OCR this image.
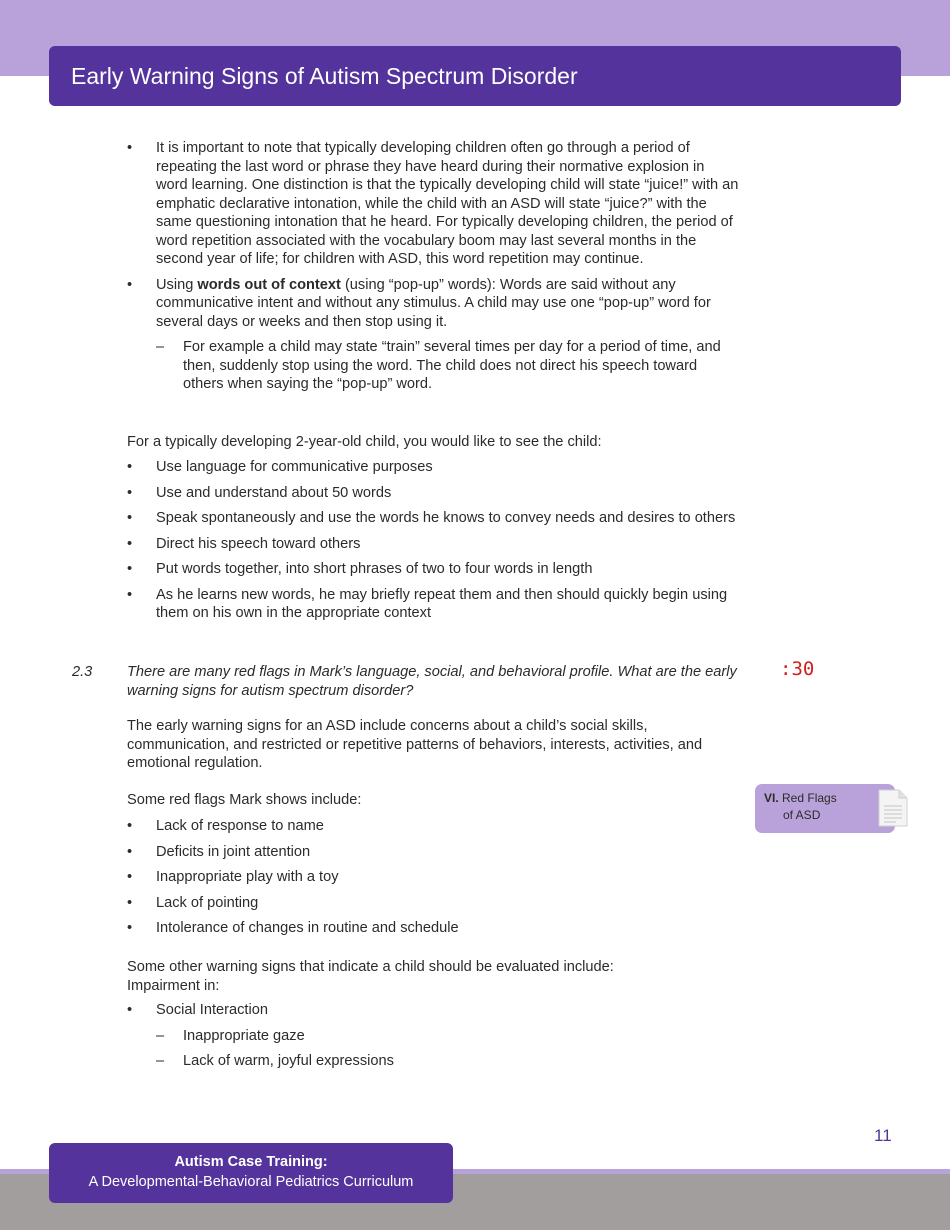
Early Warning Signs of Autism Spectrum Disorder
• It is important to note that typically developing children often go through a period of repeating the last word or phrase they have heard during their normative explosion in word learning. One distinction is that the typically developing child will state “juice!” with an emphatic declarative intonation, while the child with an ASD will state “juice?” with the same questioning intonation that he heard. For typically developing children, the period of word repetition associated with the vocabulary boom may last several months in the second year of life; for children with ASD, this word repetition may continue.
• Using words out of context (using “pop-up” words): Words are said without any communicative intent and without any stimulus. A child may use one “pop-up” word for several days or weeks and then stop using it.
– For example a child may state “train” several times per day for a period of time, and then, suddenly stop using the word. The child does not direct his speech toward others when saying the “pop-up” word.
For a typically developing 2-year-old child, you would like to see the child:
• Use language for communicative purposes
• Use and understand about 50 words
• Speak spontaneously and use the words he knows to convey needs and desires to others
• Direct his speech toward others
• Put words together, into short phrases of two to four words in length
• As he learns new words, he may briefly repeat them and then should quickly begin using them on his own in the appropriate context
2.3 There are many red flags in Mark’s language, social, and behavioral profile. What are the early warning signs for autism spectrum disorder?
:30
The early warning signs for an ASD include concerns about a child’s social skills, communication, and restricted or repetitive patterns of behaviors, interests, activities, and emotional regulation.
Some red flags Mark shows include:
• Lack of response to name
• Deficits in joint attention
• Inappropriate play with a toy
• Lack of pointing
• Intolerance of changes in routine and schedule
Some other warning signs that indicate a child should be evaluated include:
Impairment in:
• Social Interaction
– Inappropriate gaze
– Lack of warm, joyful expressions
VI. Red Flags
of ASD
11
Autism Case Training:
A Developmental-Behavioral Pediatrics Curriculum
